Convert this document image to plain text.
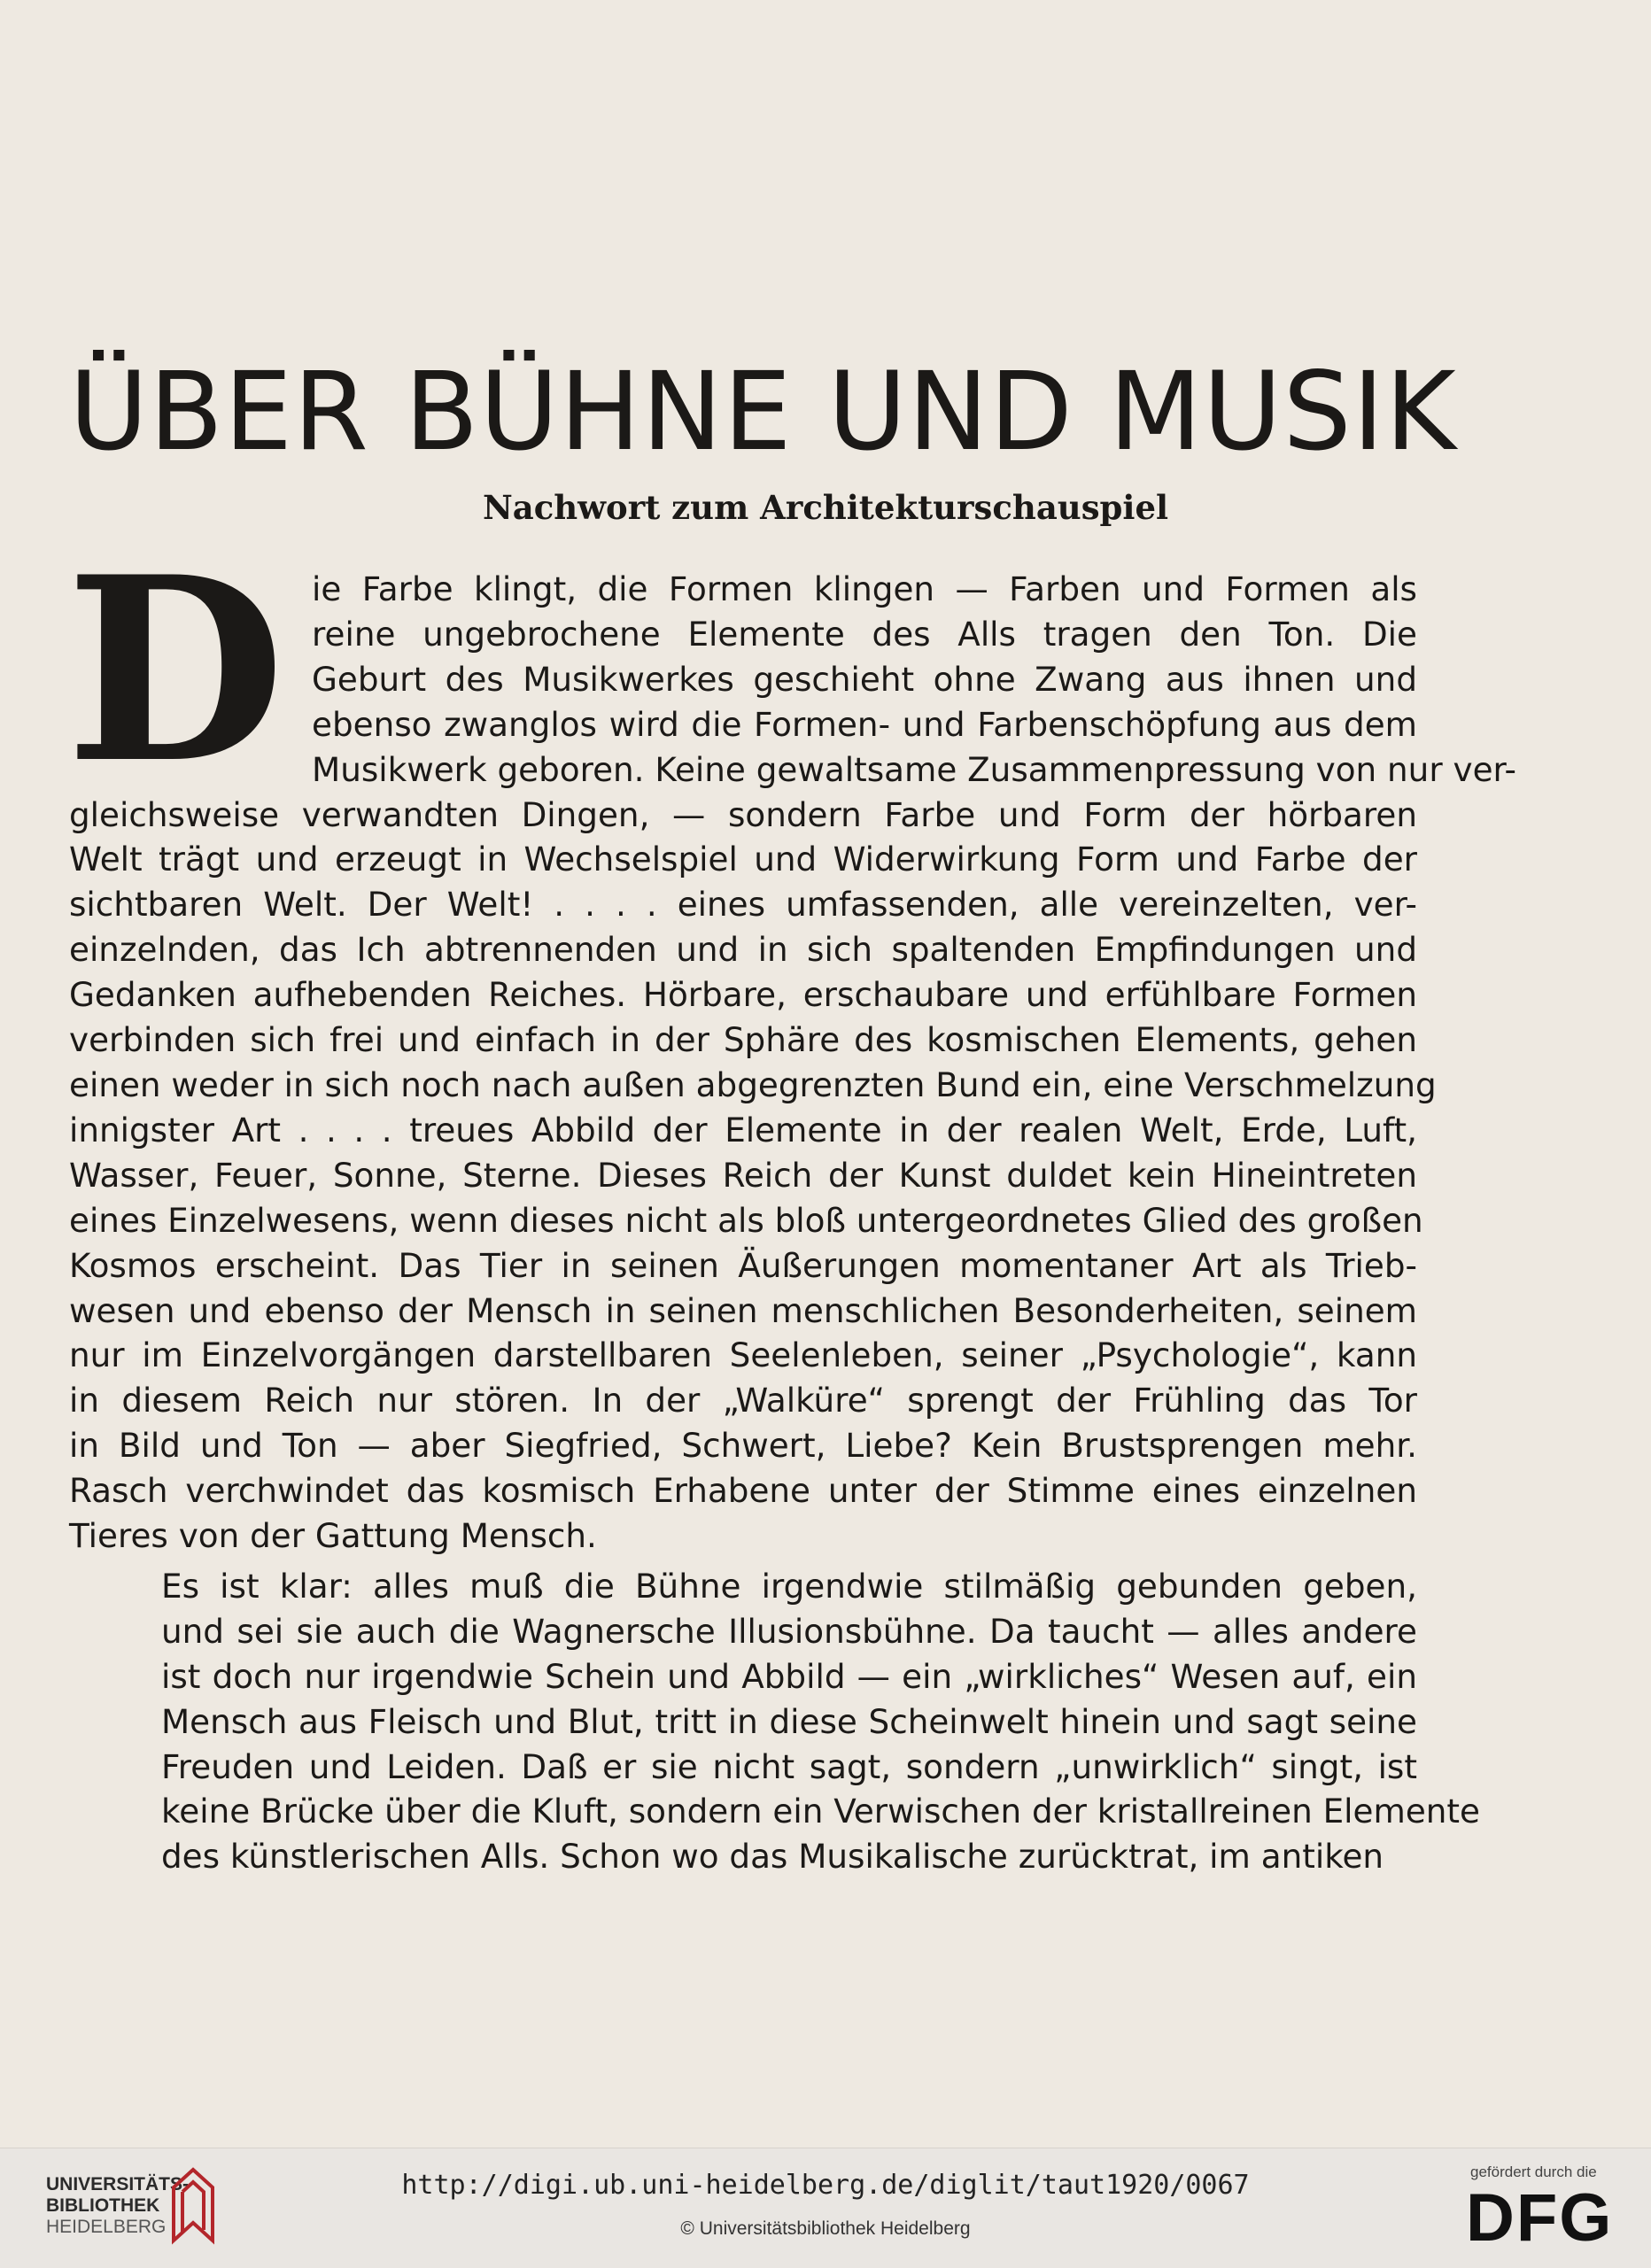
ÜBER BÜHNE UND MUSIK
Nachwort zum Architekturschauspiel

D ie Farbe klingt, die Formen klingen — Farben und Formen als
reine ungebrochene Elemente des Alls tragen den Ton. Die
Geburt des Musikwerkes geschieht ohne Zwang aus ihnen und
ebenso zwanglos wird die Formen- und Farbenschöpfung aus dem
Musikwerk geboren. Keine gewaltsame Zusammenpressung von nur ver-
gleichsweise verwandten Dingen, — sondern Farbe und Form der hörbaren
Welt trägt und erzeugt in Wechselspiel und Widerwirkung Form und Farbe der
sichtbaren Welt. Der Welt! . . . . eines umfassenden, alle vereinzelten, ver-
einzelnden, das Ich abtrennenden und in sich spaltenden Empfindungen und
Gedanken aufhebenden Reiches. Hörbare, erschaubare und erfühlbare Formen
verbinden sich frei und einfach in der Sphäre des kosmischen Elements, gehen
einen weder in sich noch nach außen abgegrenzten Bund ein, eine Verschmelzung
innigster Art . . . . treues Abbild der Elemente in der realen Welt, Erde, Luft,
Wasser, Feuer, Sonne, Sterne. Dieses Reich der Kunst duldet kein Hineintreten
eines Einzelwesens, wenn dieses nicht als bloß untergeordnetes Glied des großen
Kosmos erscheint. Das Tier in seinen Äußerungen momentaner Art als Trieb-
wesen und ebenso der Mensch in seinen menschlichen Besonderheiten, seinem
nur im Einzelvorgängen darstellbaren Seelenleben, seiner „Psychologie“, kann
in diesem Reich nur stören. In der „Walküre“ sprengt der Frühling das Tor
in Bild und Ton — aber Siegfried, Schwert, Liebe? Kein Brustsprengen mehr.
Rasch verchwindet das kosmisch Erhabene unter der Stimme eines einzelnen
Tieres von der Gattung Mensch.

Es ist klar: alles muß die Bühne irgendwie stilmäßig gebunden geben,
und sei sie auch die Wagnersche Illusionsbühne. Da taucht — alles andere
ist doch nur irgendwie Schein und Abbild — ein „wirkliches“ Wesen auf, ein
Mensch aus Fleisch und Blut, tritt in diese Scheinwelt hinein und sagt seine
Freuden und Leiden. Daß er sie nicht sagt, sondern „unwirklich“ singt, ist
keine Brücke über die Kluft, sondern ein Verwischen der kristallreinen Elemente
des künstlerischen Alls. Schon wo das Musikalische zurücktrat, im antiken

UNIVERSITÄTS-
BIBLIOTHEK
HEIDELBERG
http://digi.ub.uni-heidelberg.de/diglit/taut1920/0067
© Universitätsbibliothek Heidelberg
gefördert durch die
DFG
